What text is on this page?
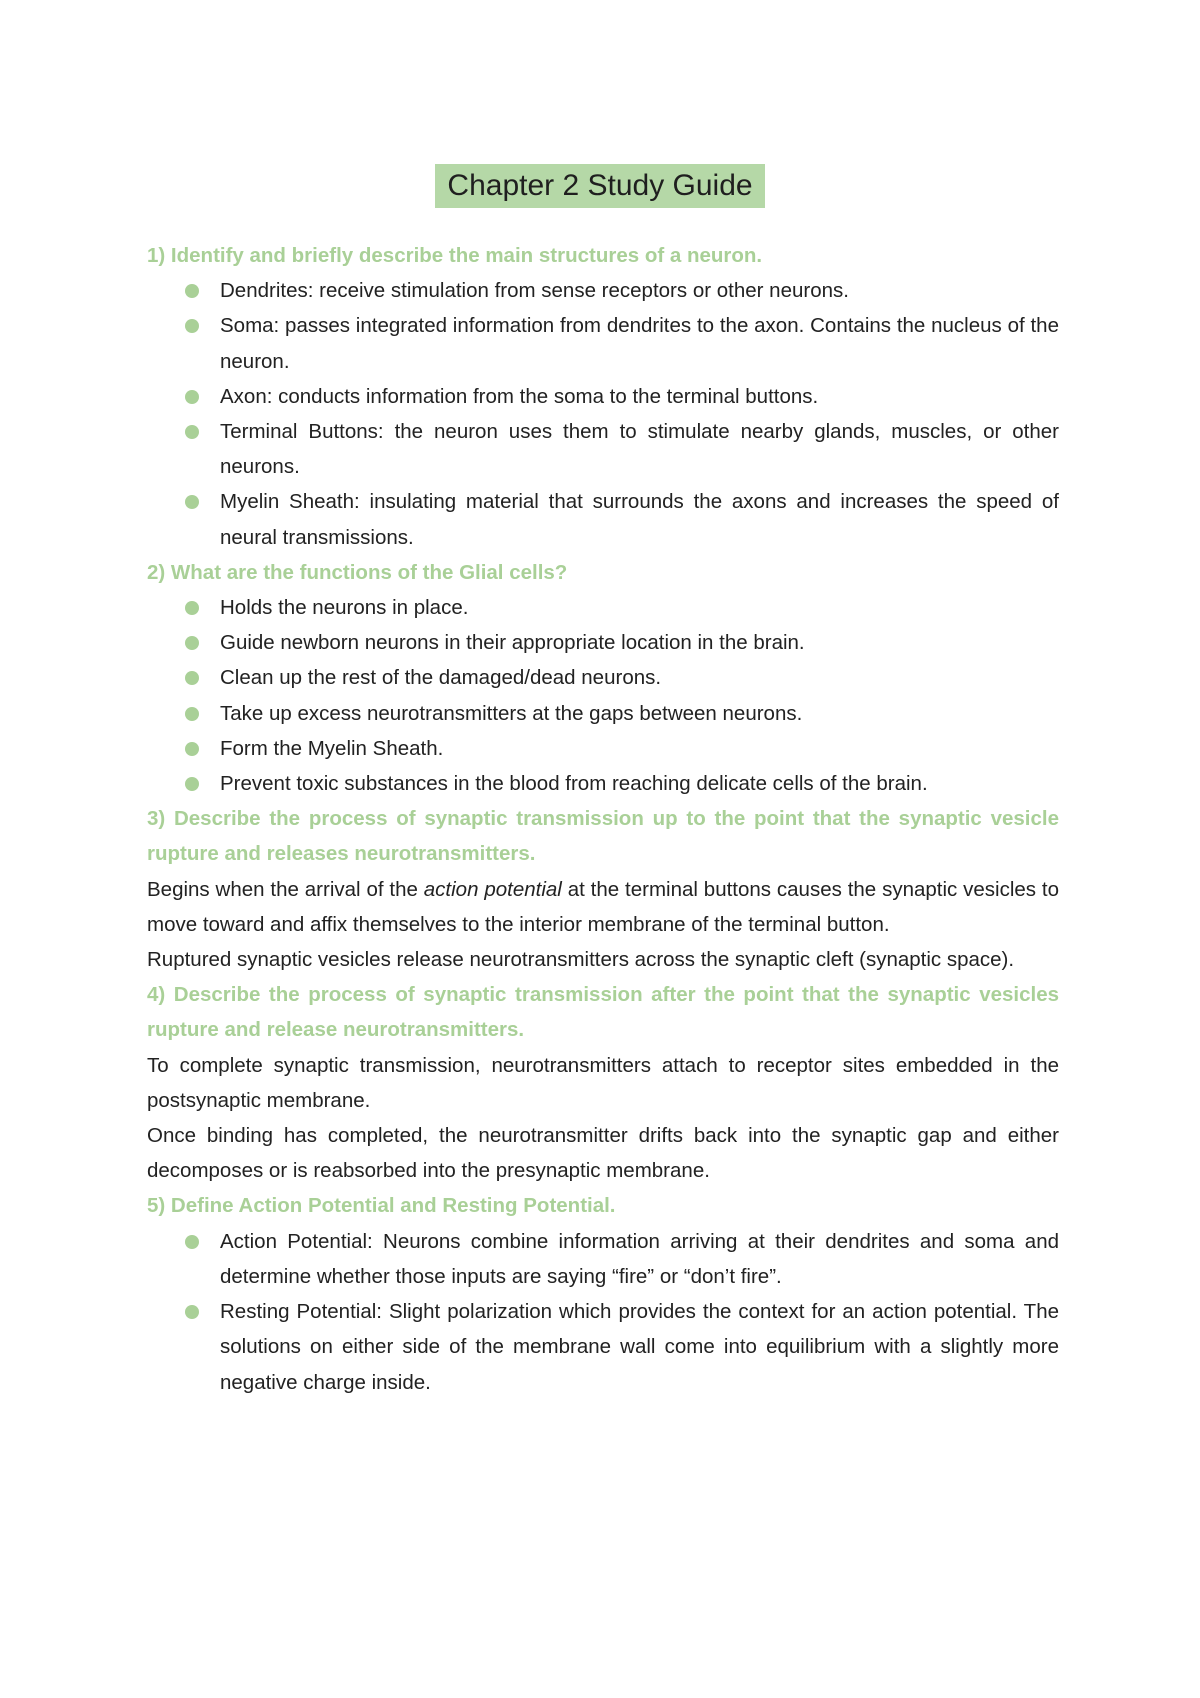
Chapter 2 Study Guide

1) Identify and briefly describe the main structures of a neuron.

Dendrites: receive stimulation from sense receptors or other neurons.
Soma: passes integrated information from dendrites to the axon. Contains the nucleus of the neuron.
Axon: conducts information from the soma to the terminal buttons.
Terminal Buttons: the neuron uses them to stimulate nearby glands, muscles, or other neurons.
Myelin Sheath: insulating material that surrounds the axons and increases the speed of neural transmissions.

2) What are the functions of the Glial cells?

Holds the neurons in place.
Guide newborn neurons in their appropriate location in the brain.
Clean up the rest of the damaged/dead neurons.
Take up excess neurotransmitters at the gaps between neurons.
Form the Myelin Sheath.
Prevent toxic substances in the blood from reaching delicate cells of the brain.

3) Describe the process of synaptic transmission up to the point that the synaptic vesicle rupture and releases neurotransmitters.

Begins when the arrival of the action potential at the terminal buttons causes the synaptic vesicles to move toward and affix themselves to the interior membrane of the terminal button.

Ruptured synaptic vesicles release neurotransmitters across the synaptic cleft (synaptic space).

4) Describe the process of synaptic transmission after the point that the synaptic vesicles rupture and release neurotransmitters.

To complete synaptic transmission, neurotransmitters attach to receptor sites embedded in the postsynaptic membrane.

Once binding has completed, the neurotransmitter drifts back into the synaptic gap and either decomposes or is reabsorbed into the presynaptic membrane.

5) Define Action Potential and Resting Potential.

Action Potential: Neurons combine information arriving at their dendrites and soma and determine whether those inputs are saying “fire” or “don’t fire”.
Resting Potential: Slight polarization which provides the context for an action potential. The solutions on either side of the membrane wall come into equilibrium with a slightly more negative charge inside.
